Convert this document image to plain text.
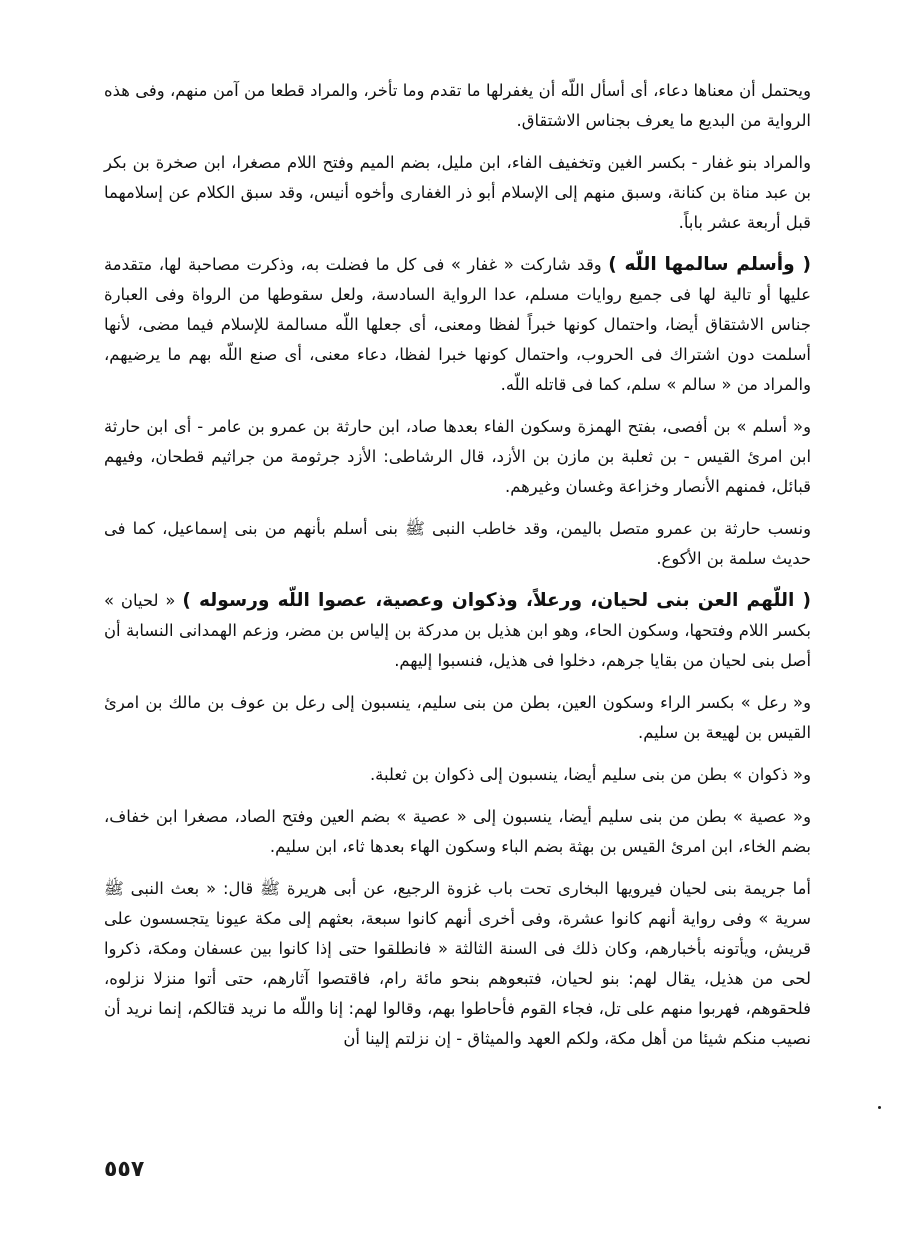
ويحتمل أن معناها دعاء، أى أسأل اللّه أن يغفرلها ما تقدم وما تأخر، والمراد قطعا من آمن منهم، وفى هذه الرواية من البديع ما يعرف بجناس الاشتقاق.

والمراد بنو غفار - بكسر الغين وتخفيف الفاء، ابن مليل، بضم الميم وفتح اللام مصغرا، ابن صخرة بن بكر بن عبد مناة بن كنانة، وسبق منهم إلى الإسلام أبو ذر الغفارى وأخوه أنيس، وقد سبق الكلام عن إسلامهما قبل أربعة عشر باباً.

( وأسلم سالمها اللّه ) وقد شاركت « غفار » فى كل ما فضلت به، وذكرت مصاحبة لها، متقدمة عليها أو تالية لها فى جميع روايات مسلم، عدا الرواية السادسة، ولعل سقوطها من الرواة وفى العبارة جناس الاشتقاق أيضا، واحتمال كونها خبراً لفظا ومعنى، أى جعلها اللّه مسالمة للإسلام فيما مضى، لأنها أسلمت دون اشتراك فى الحروب، واحتمال كونها خبرا لفظا، دعاء معنى، أى صنع اللّه بهم ما يرضيهم، والمراد من « سالم » سلم، كما فى قاتله اللّه.

و« أسلم » بن أفصى، بفتح الهمزة وسكون الفاء بعدها صاد، ابن حارثة بن عمرو بن عامر - أى ابن حارثة ابن امرئ القيس - بن ثعلبة بن مازن بن الأزد، قال الرشاطى: الأزد جرثومة من جراثيم قطحان، وفيهم قبائل، فمنهم الأنصار وخزاعة وغسان وغيرهم.

ونسب حارثة بن عمرو متصل باليمن، وقد خاطب النبى ﷺ بنى أسلم بأنهم من بنى إسماعيل، كما فى حديث سلمة بن الأكوع.

( اللّهم العن بنى لحيان، ورعلاً، وذكوان وعصية، عصوا اللّه ورسوله ) « لحيان » بكسر اللام وفتحها، وسكون الحاء، وهو ابن هذيل بن مدركة بن إلياس بن مضر، وزعم الهمدانى النسابة أن أصل بنى لحيان من بقايا جرهم، دخلوا فى هذيل، فنسبوا إليهم.

و« رعل » بكسر الراء وسكون العين، بطن من بنى سليم، ينسبون إلى رعل بن عوف بن مالك بن امرئ القيس بن لهيعة بن سليم.

و« ذكوان » بطن من بنى سليم أيضا، ينسبون إلى ذكوان بن ثعلبة.

و« عصية » بطن من بنى سليم أيضا، ينسبون إلى « عصية » بضم العين وفتح الصاد، مصغرا ابن خفاف، بضم الخاء، ابن امرئ القيس بن بهثة بضم الباء وسكون الهاء بعدها ثاء، ابن سليم.

أما جريمة بنى لحيان فيرويها البخارى تحت باب غزوة الرجيع، عن أبى هريرة ﷺ قال: « بعث النبى ﷺ سرية » وفى رواية أنهم كانوا عشرة، وفى أخرى أنهم كانوا سبعة، بعثهم إلى مكة عيونا يتجسسون على قريش، ويأتونه بأخبارهم، وكان ذلك فى السنة الثالثة « فانطلقوا حتى إذا كانوا بين عسفان ومكة، ذكروا لحى من هذيل، يقال لهم: بنو لحيان، فتبعوهم بنحو مائة رام، فاقتصوا آثارهم، حتى أتوا منزلا نزلوه، فلحقوهم، فهربوا منهم على تل، فجاء القوم فأحاطوا بهم، وقالوا لهم: إنا واللّه ما نريد قتالكم، إنما نريد أن نصيب منكم شيئا من أهل مكة، ولكم العهد والميثاق - إن نزلتم إلينا أن

٥٥٧
